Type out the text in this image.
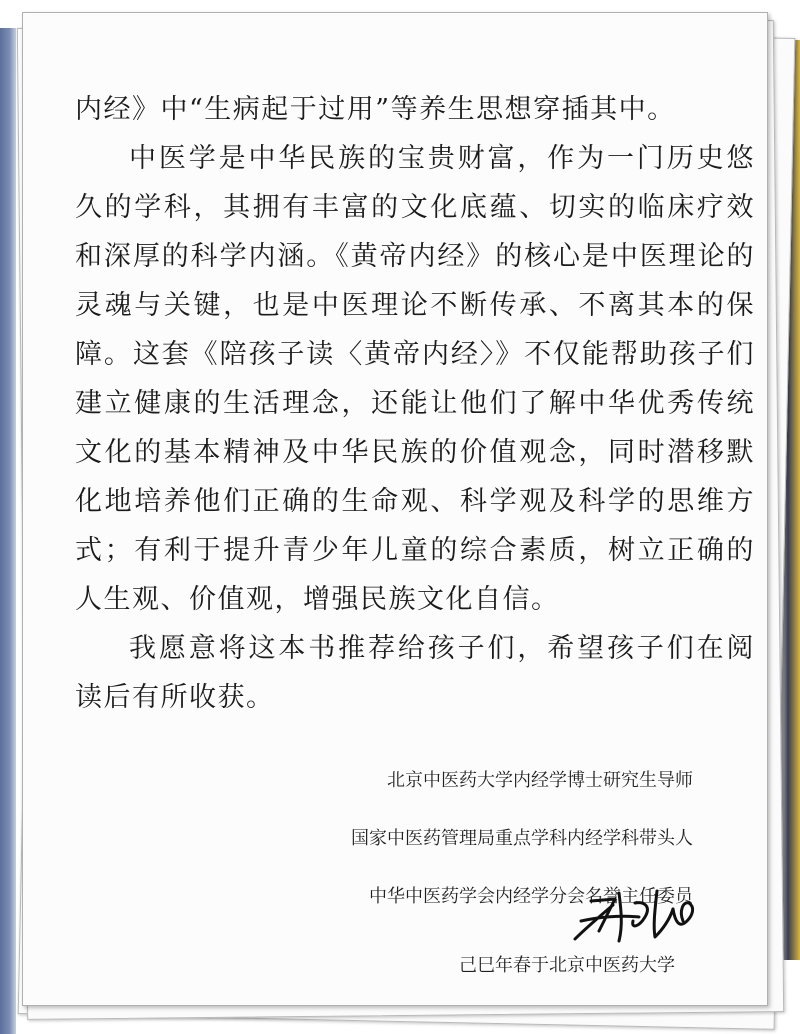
内经》中“生病起于过用”等养生思想穿插其中。

中医学是中华民族的宝贵财富，作为一门历史悠久的学科，其拥有丰富的文化底蕴、切实的临床疗效和深厚的科学内涵。《黄帝内经》的核心是中医理论的灵魂与关键，也是中医理论不断传承、不离其本的保障。这套《陪孩子读〈黄帝内经〉》不仅能帮助孩子们建立健康的生活理念，还能让他们了解中华优秀传统文化的基本精神及中华民族的价值观念，同时潜移默化地培养他们正确的生命观、科学观及科学的思维方式；有利于提升青少年儿童的综合素质，树立正确的人生观、价值观，增强民族文化自信。

我愿意将这本书推荐给孩子们，希望孩子们在阅读后有所收获。

北京中医药大学内经学博士研究生导师
国家中医药管理局重点学科内经学科带头人
中华中医药学会内经学分会名誉主任委员
己巳年春于北京中医药大学
